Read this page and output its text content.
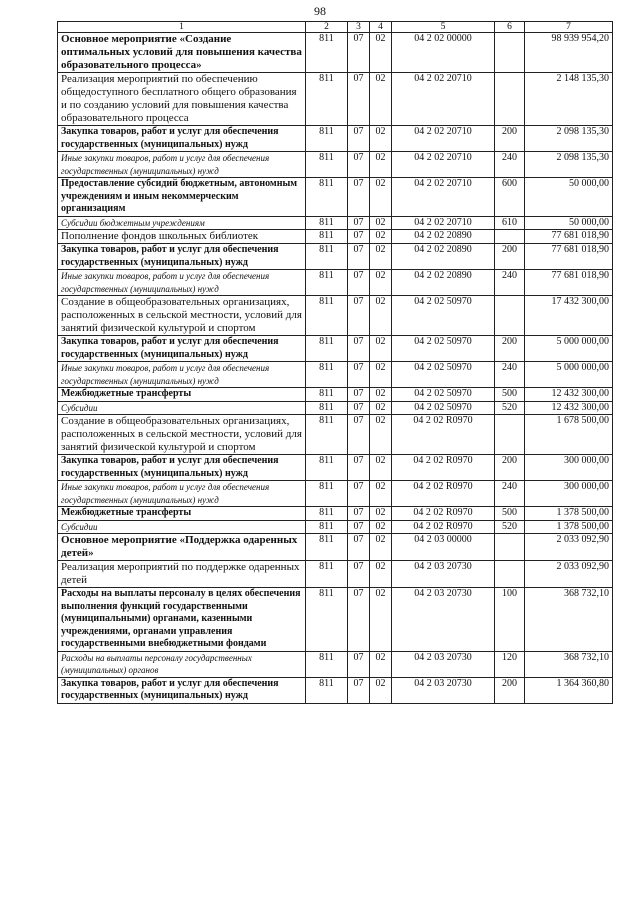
98
1	2	3	4	5	6	7
Основное мероприятие «Создание оптимальных условий для повышения качества образовательного процесса»	811	07	02	04 2 02 00000		98 939 954,20
Реализация мероприятий по обеспечению общедоступного бесплатного общего образования и по созданию условий для повышения качества образовательного процесса	811	07	02	04 2 02 20710		2 148 135,30
Закупка товаров, работ и услуг для обеспечения государственных (муниципальных) нужд	811	07	02	04 2 02 20710	200	2 098 135,30
Иные закупки товаров, работ и услуг для обеспечения государственных (муниципальных) нужд	811	07	02	04 2 02 20710	240	2 098 135,30
Предоставление субсидий бюджетным, автономным учреждениям и иным некоммерческим организациям	811	07	02	04 2 02 20710	600	50 000,00
Субсидии бюджетным учреждениям	811	07	02	04 2 02 20710	610	50 000,00
Пополнение фондов школьных библиотек	811	07	02	04 2 02 20890		77 681 018,90
Закупка товаров, работ и услуг для обеспечения государственных (муниципальных) нужд	811	07	02	04 2 02 20890	200	77 681 018,90
Иные закупки товаров, работ и услуг для обеспечения государственных (муниципальных) нужд	811	07	02	04 2 02 20890	240	77 681 018,90
Создание в общеобразовательных организациях, расположенных в сельской местности, условий для занятий физической культурой и спортом	811	07	02	04 2 02 50970		17 432 300,00
Закупка товаров, работ и услуг для обеспечения государственных (муниципальных) нужд	811	07	02	04 2 02 50970	200	5 000 000,00
Иные закупки товаров, работ и услуг для обеспечения государственных (муниципальных) нужд	811	07	02	04 2 02 50970	240	5 000 000,00
Межбюджетные трансферты	811	07	02	04 2 02 50970	500	12 432 300,00
Субсидии	811	07	02	04 2 02 50970	520	12 432 300,00
Создание в общеобразовательных организациях, расположенных в сельской местности, условий для занятий физической культурой и спортом	811	07	02	04 2 02 R0970		1 678 500,00
Закупка товаров, работ и услуг для обеспечения государственных (муниципальных) нужд	811	07	02	04 2 02 R0970	200	300 000,00
Иные закупки товаров, работ и услуг для обеспечения государственных (муниципальных) нужд	811	07	02	04 2 02 R0970	240	300 000,00
Межбюджетные трансферты	811	07	02	04 2 02 R0970	500	1 378 500,00
Субсидии	811	07	02	04 2 02 R0970	520	1 378 500,00
Основное мероприятие «Поддержка одаренных детей»	811	07	02	04 2 03 00000		2 033 092,90
Реализация мероприятий по поддержке одаренных детей	811	07	02	04 2 03 20730		2 033 092,90
Расходы на выплаты персоналу в целях обеспечения выполнения функций государственными (муниципальными) органами, казенными учреждениями, органами управления государственными внебюджетными фондами	811	07	02	04 2 03 20730	100	368 732,10
Расходы на выплаты персоналу государственных (муниципальных) органов	811	07	02	04 2 03 20730	120	368 732,10
Закупка товаров, работ и услуг для обеспечения государственных (муниципальных) нужд	811	07	02	04 2 03 20730	200	1 364 360,80
